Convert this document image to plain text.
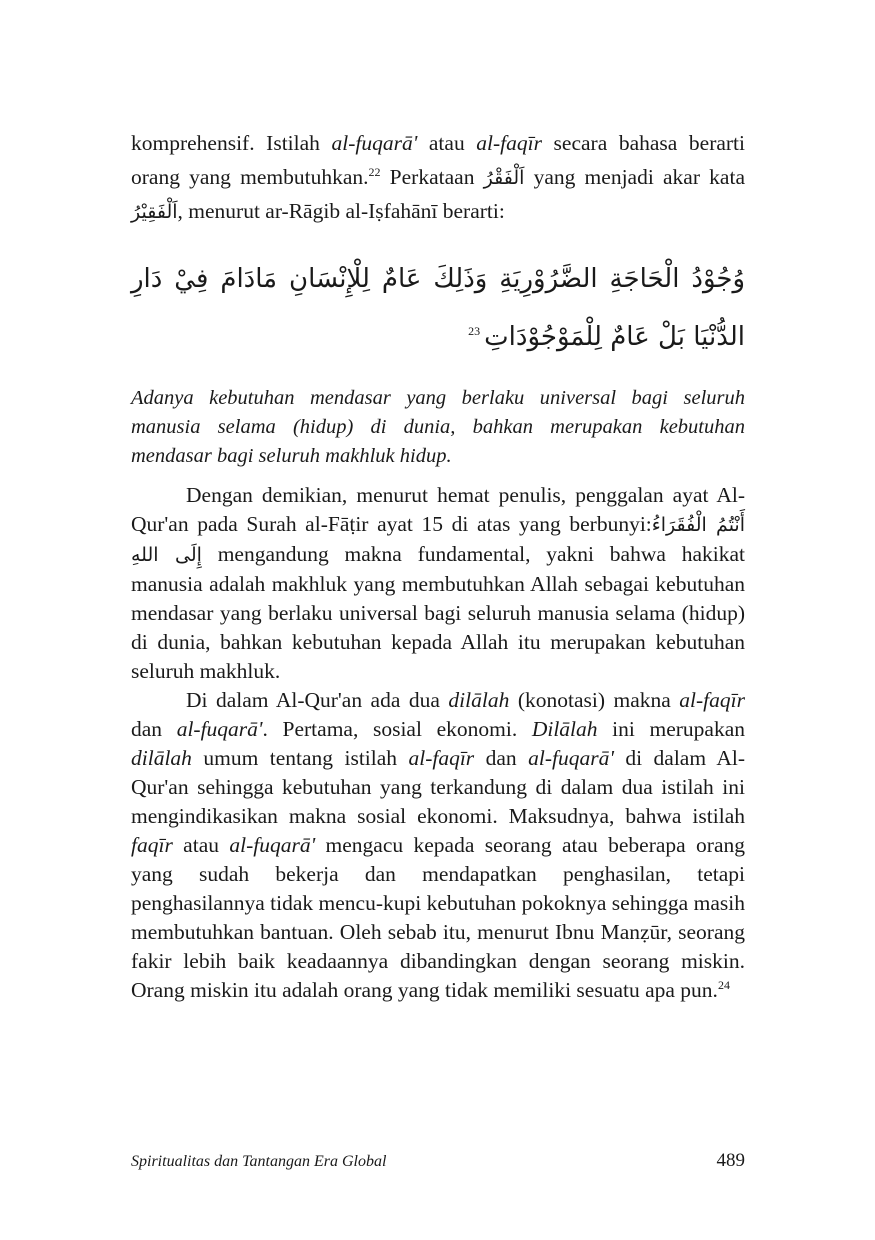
komprehensif. Istilah al-fuqarā' atau al-faqīr secara bahasa berarti orang yang membutuhkan.$^{22}$ Perkataan اَلْفَقْرُ yang menjadi akar kata اَلْفَقِيْرُ, menurut ar-Rāgib al-Iṣfahānī berarti:

وُجُوْدُ الْحَاجَةِ الضَّرُوْرِيَةِ وَذَلِكَ عَامٌ لِلْإِنْسَانِ مَادَامَ فِيْ دَارِ الدُّنْيَا بَلْ عَامٌ لِلْمَوْجُوْدَاتِ$^{23}$

Adanya kebutuhan mendasar yang berlaku universal bagi seluruh manusia selama (hidup) di dunia, bahkan merupakan kebutuhan mendasar bagi seluruh makhluk hidup.

Dengan demikian, menurut hemat penulis, penggalan ayat Al-Qur'an pada Surah al-Fāṭir ayat 15 di atas yang berbunyi:أَنْتُمُ الْفُقَرَاءُ إِلَى اللهِ mengandung makna fundamental, yakni bahwa hakikat manusia adalah makhluk yang membutuhkan Allah sebagai kebutuhan mendasar yang berlaku universal bagi seluruh manusia selama (hidup) di dunia, bahkan kebutuhan kepada Allah itu merupakan kebutuhan seluruh makhluk.

Di dalam Al-Qur'an ada dua dilālah (konotasi) makna al-faqīr dan al-fuqarā'. Pertama, sosial ekonomi. Dilālah ini merupakan dilālah umum tentang istilah al-faqīr dan al-fuqarā' di dalam Al-Qur'an sehingga kebutuhan yang terkandung di dalam dua istilah ini mengindikasikan makna sosial ekonomi. Maksudnya, bahwa istilah faqīr atau al-fuqarā' mengacu kepada seorang atau beberapa orang yang sudah bekerja dan mendapatkan penghasilan, tetapi penghasilannya tidak mencu-kupi kebutuhan pokoknya sehingga masih membutuhkan bantuan. Oleh sebab itu, menurut Ibnu Manẓūr, seorang fakir lebih baik keadaannya dibandingkan dengan seorang miskin. Orang miskin itu adalah orang yang tidak memiliki sesuatu apa pun.$^{24}$

Spiritualitas dan Tantangan Era Global	489
